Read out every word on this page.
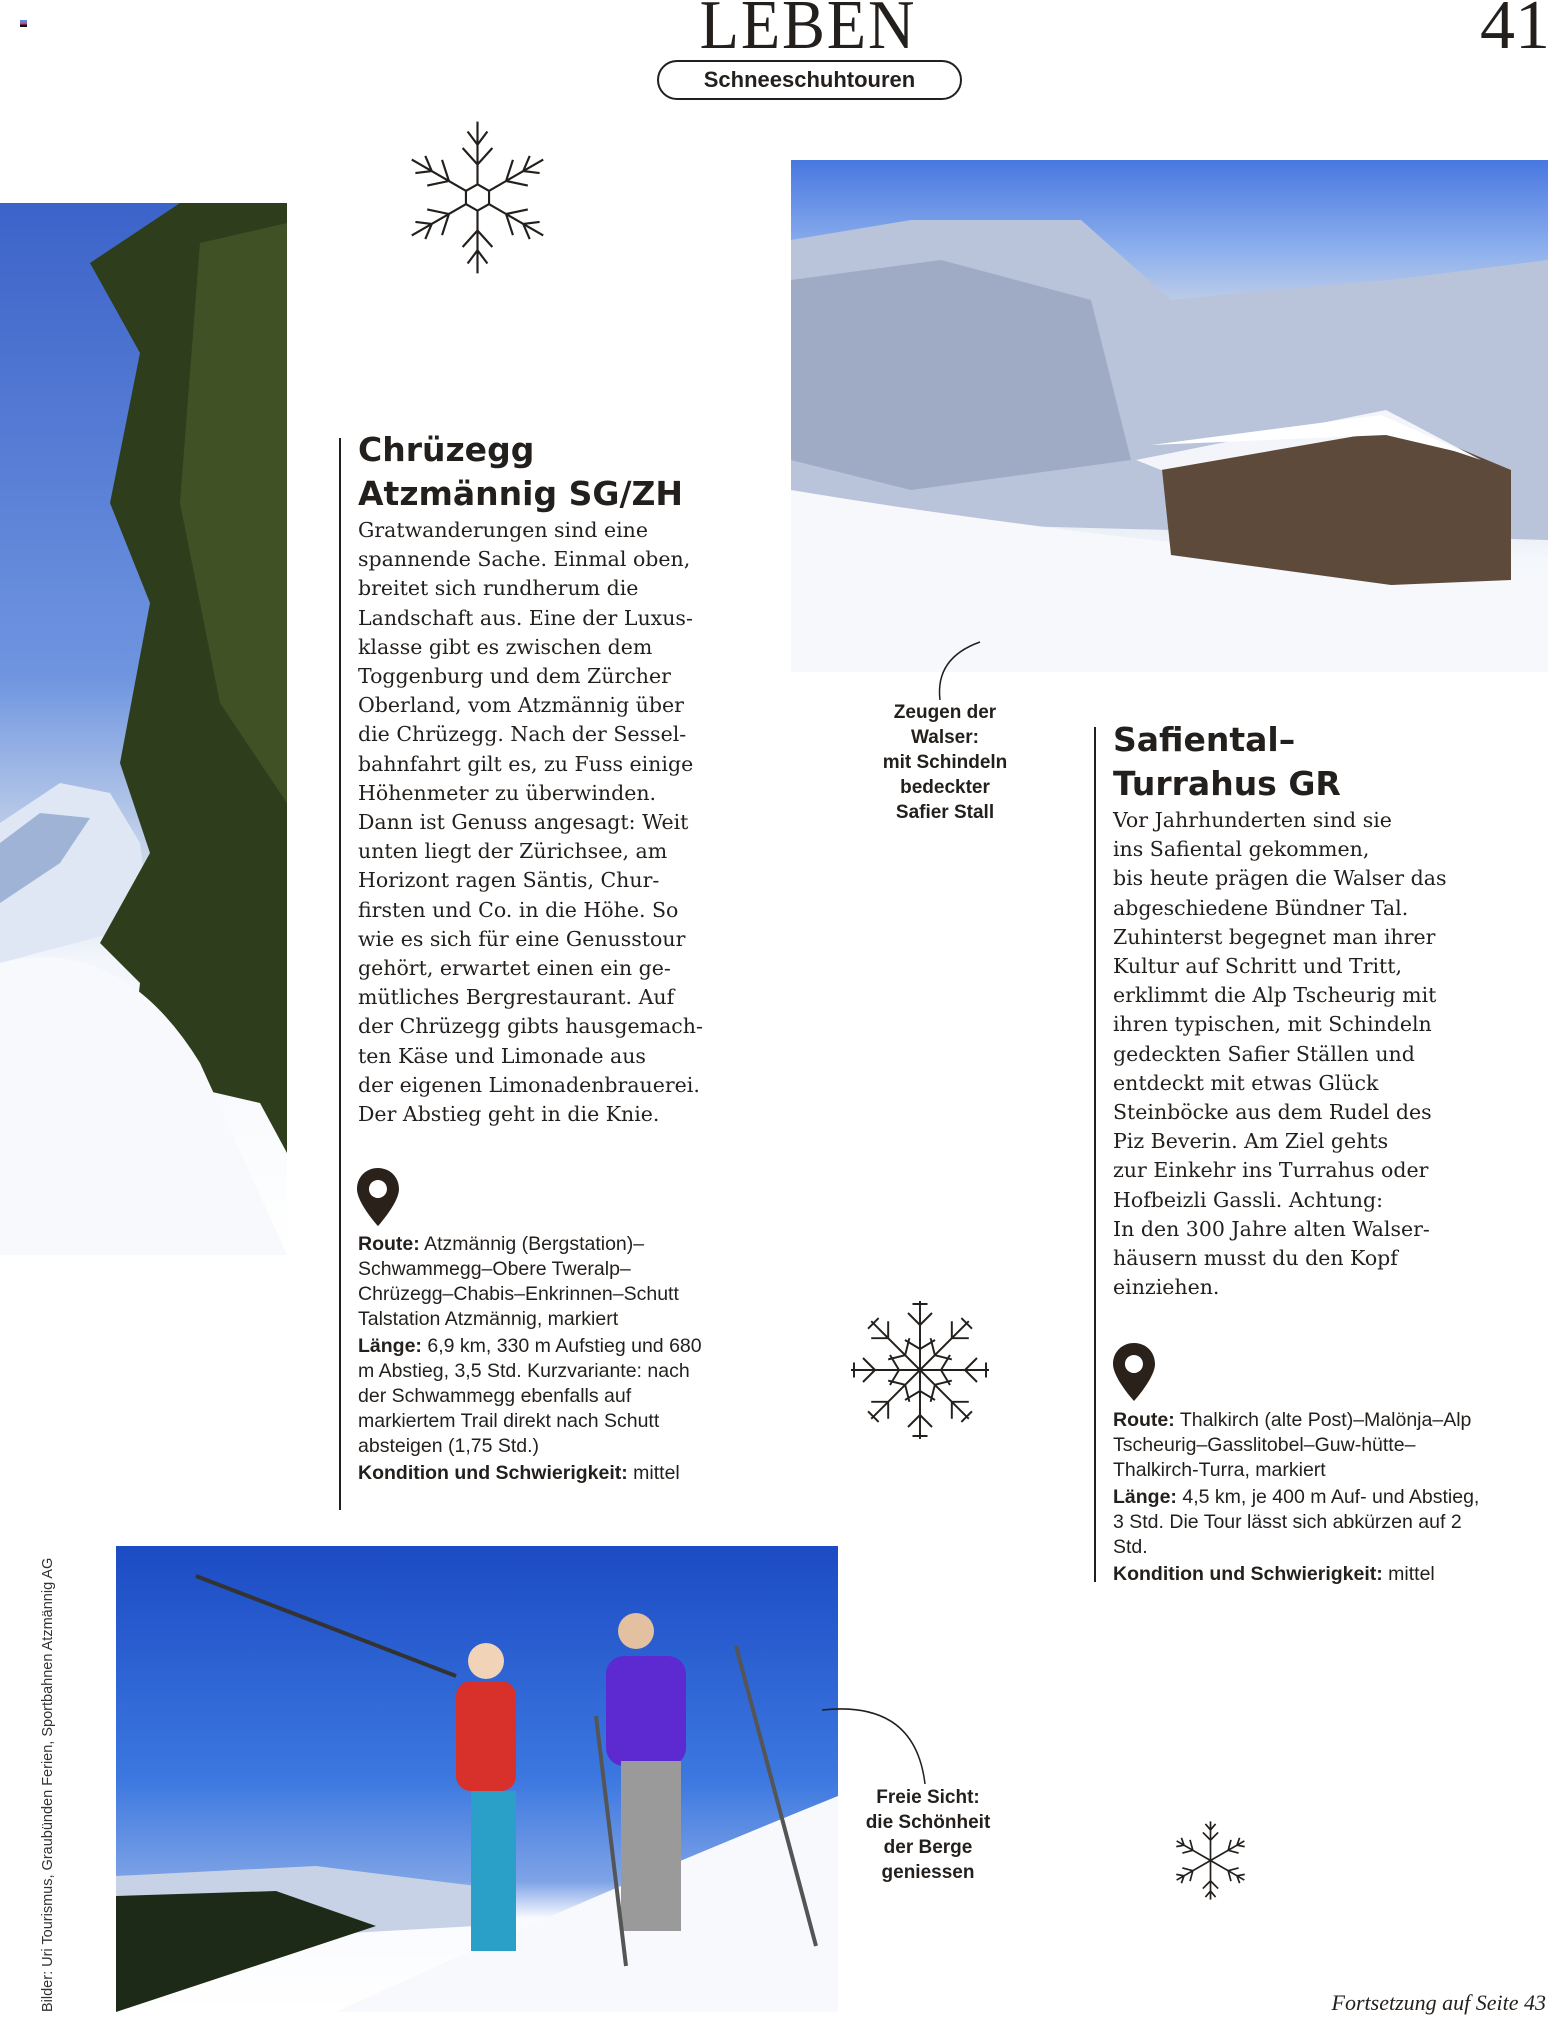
LEBEN	41
Schneeschuhtouren
Chrüzegg
Atzmännig SG/ZH
Gratwanderungen sind eine
spannende Sache. Einmal oben,
breitet sich rundherum die
Landschaft aus. Eine der Luxus-
klasse gibt es zwischen dem
Toggenburg und dem Zürcher
Oberland, vom Atzmännig über
die Chrüzegg. Nach der Sessel-
bahnfahrt gilt es, zu Fuss einige
Höhenmeter zu überwinden.
Dann ist Genuss angesagt: Weit
unten liegt der Zürichsee, am
Horizont ragen Säntis, Chur-
firsten und Co. in die Höhe. So
wie es sich für eine Genusstour
gehört, erwartet einen ein ge-
mütliches Bergrestaurant. Auf
der Chrüzegg gibts hausgemach-
ten Käse und Limonade aus
der eigenen Limonadenbrauerei.
Der Abstieg geht in die Knie.

Route: Atzmännig (Bergstation)–Schwammegg–Obere Tweralp–Chrüzegg–Chabis–Enkrinnen–Schutt Talstation Atzmännig, markiert

Länge: 6,9 km, 330 m Aufstieg und 680 m Abstieg, 3,5 Std. Kurzvariante: nach der Schwammegg ebenfalls auf markiertem Trail direkt nach Schutt absteigen (1,75 Std.)

Kondition und Schwierigkeit: mittel

Zeugen der
Walser:
mit Schindeln
bedeckter
Safier Stall
Safiental–
Turrahus GR
Vor Jahrhunderten sind sie
ins Safiental gekommen,
bis heute prägen die Walser das
abgeschiedene Bündner Tal.
Zuhinterst begegnet man ihrer
Kultur auf Schritt und Tritt,
erklimmt die Alp Tscheurig mit
ihren typischen, mit Schindeln
gedeckten Safier Ställen und
entdeckt mit etwas Glück
Steinböcke aus dem Rudel des
Piz Beverin. Am Ziel gehts
zur Einkehr ins Turrahus oder
Hofbeizli Gassli. Achtung:
In den 300 Jahre alten Walser-
häusern musst du den Kopf
einziehen.

Route: Thalkirch (alte Post)–Malönja–Alp Tscheurig–Gasslitobel–Guw-hütte–Thalkirch-Turra, markiert

Länge: 4,5 km, je 400 m Auf- und Abstieg, 3 Std. Die Tour lässt sich abkürzen auf 2 Std.

Kondition und Schwierigkeit: mittel

Freie Sicht:
die Schönheit
der Berge
geniessen
Bilder: Uri Tourismus, Graubünden Ferien, Sportbahnen Atzmännig AG	Fortsetzung auf Seite 43
